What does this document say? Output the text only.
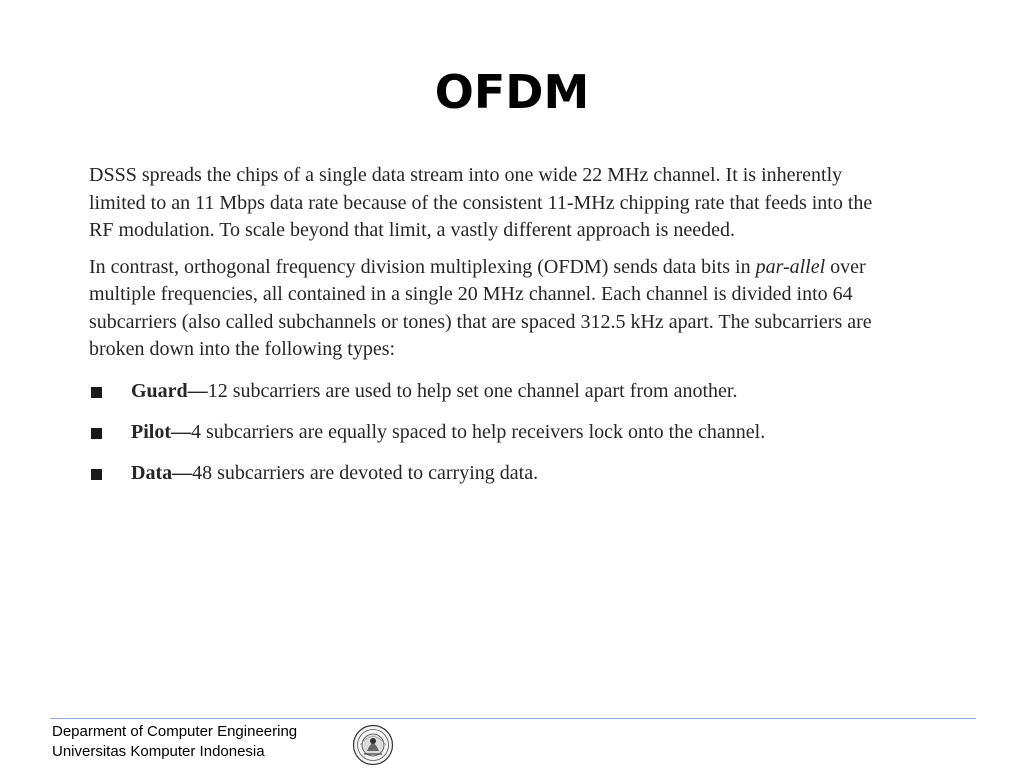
OFDM

DSSS spreads the chips of a single data stream into one wide 22 MHz channel. It is inherently limited to an 11 Mbps data rate because of the consistent 11-MHz chipping rate that feeds into the RF modulation. To scale beyond that limit, a vastly different approach is needed.

In contrast, orthogonal frequency division multiplexing (OFDM) sends data bits in par-allel over multiple frequencies, all contained in a single 20 MHz channel. Each channel is divided into 64 subcarriers (also called subchannels or tones) that are spaced 312.5 kHz apart. The subcarriers are broken down into the following types:

Guard—12 subcarriers are used to help set one channel apart from another.
Pilot—4 subcarriers are equally spaced to help receivers lock onto the channel.
Data—48 subcarriers are devoted to carrying data.
Deparment of Computer Engineering
Universitas Komputer Indonesia
